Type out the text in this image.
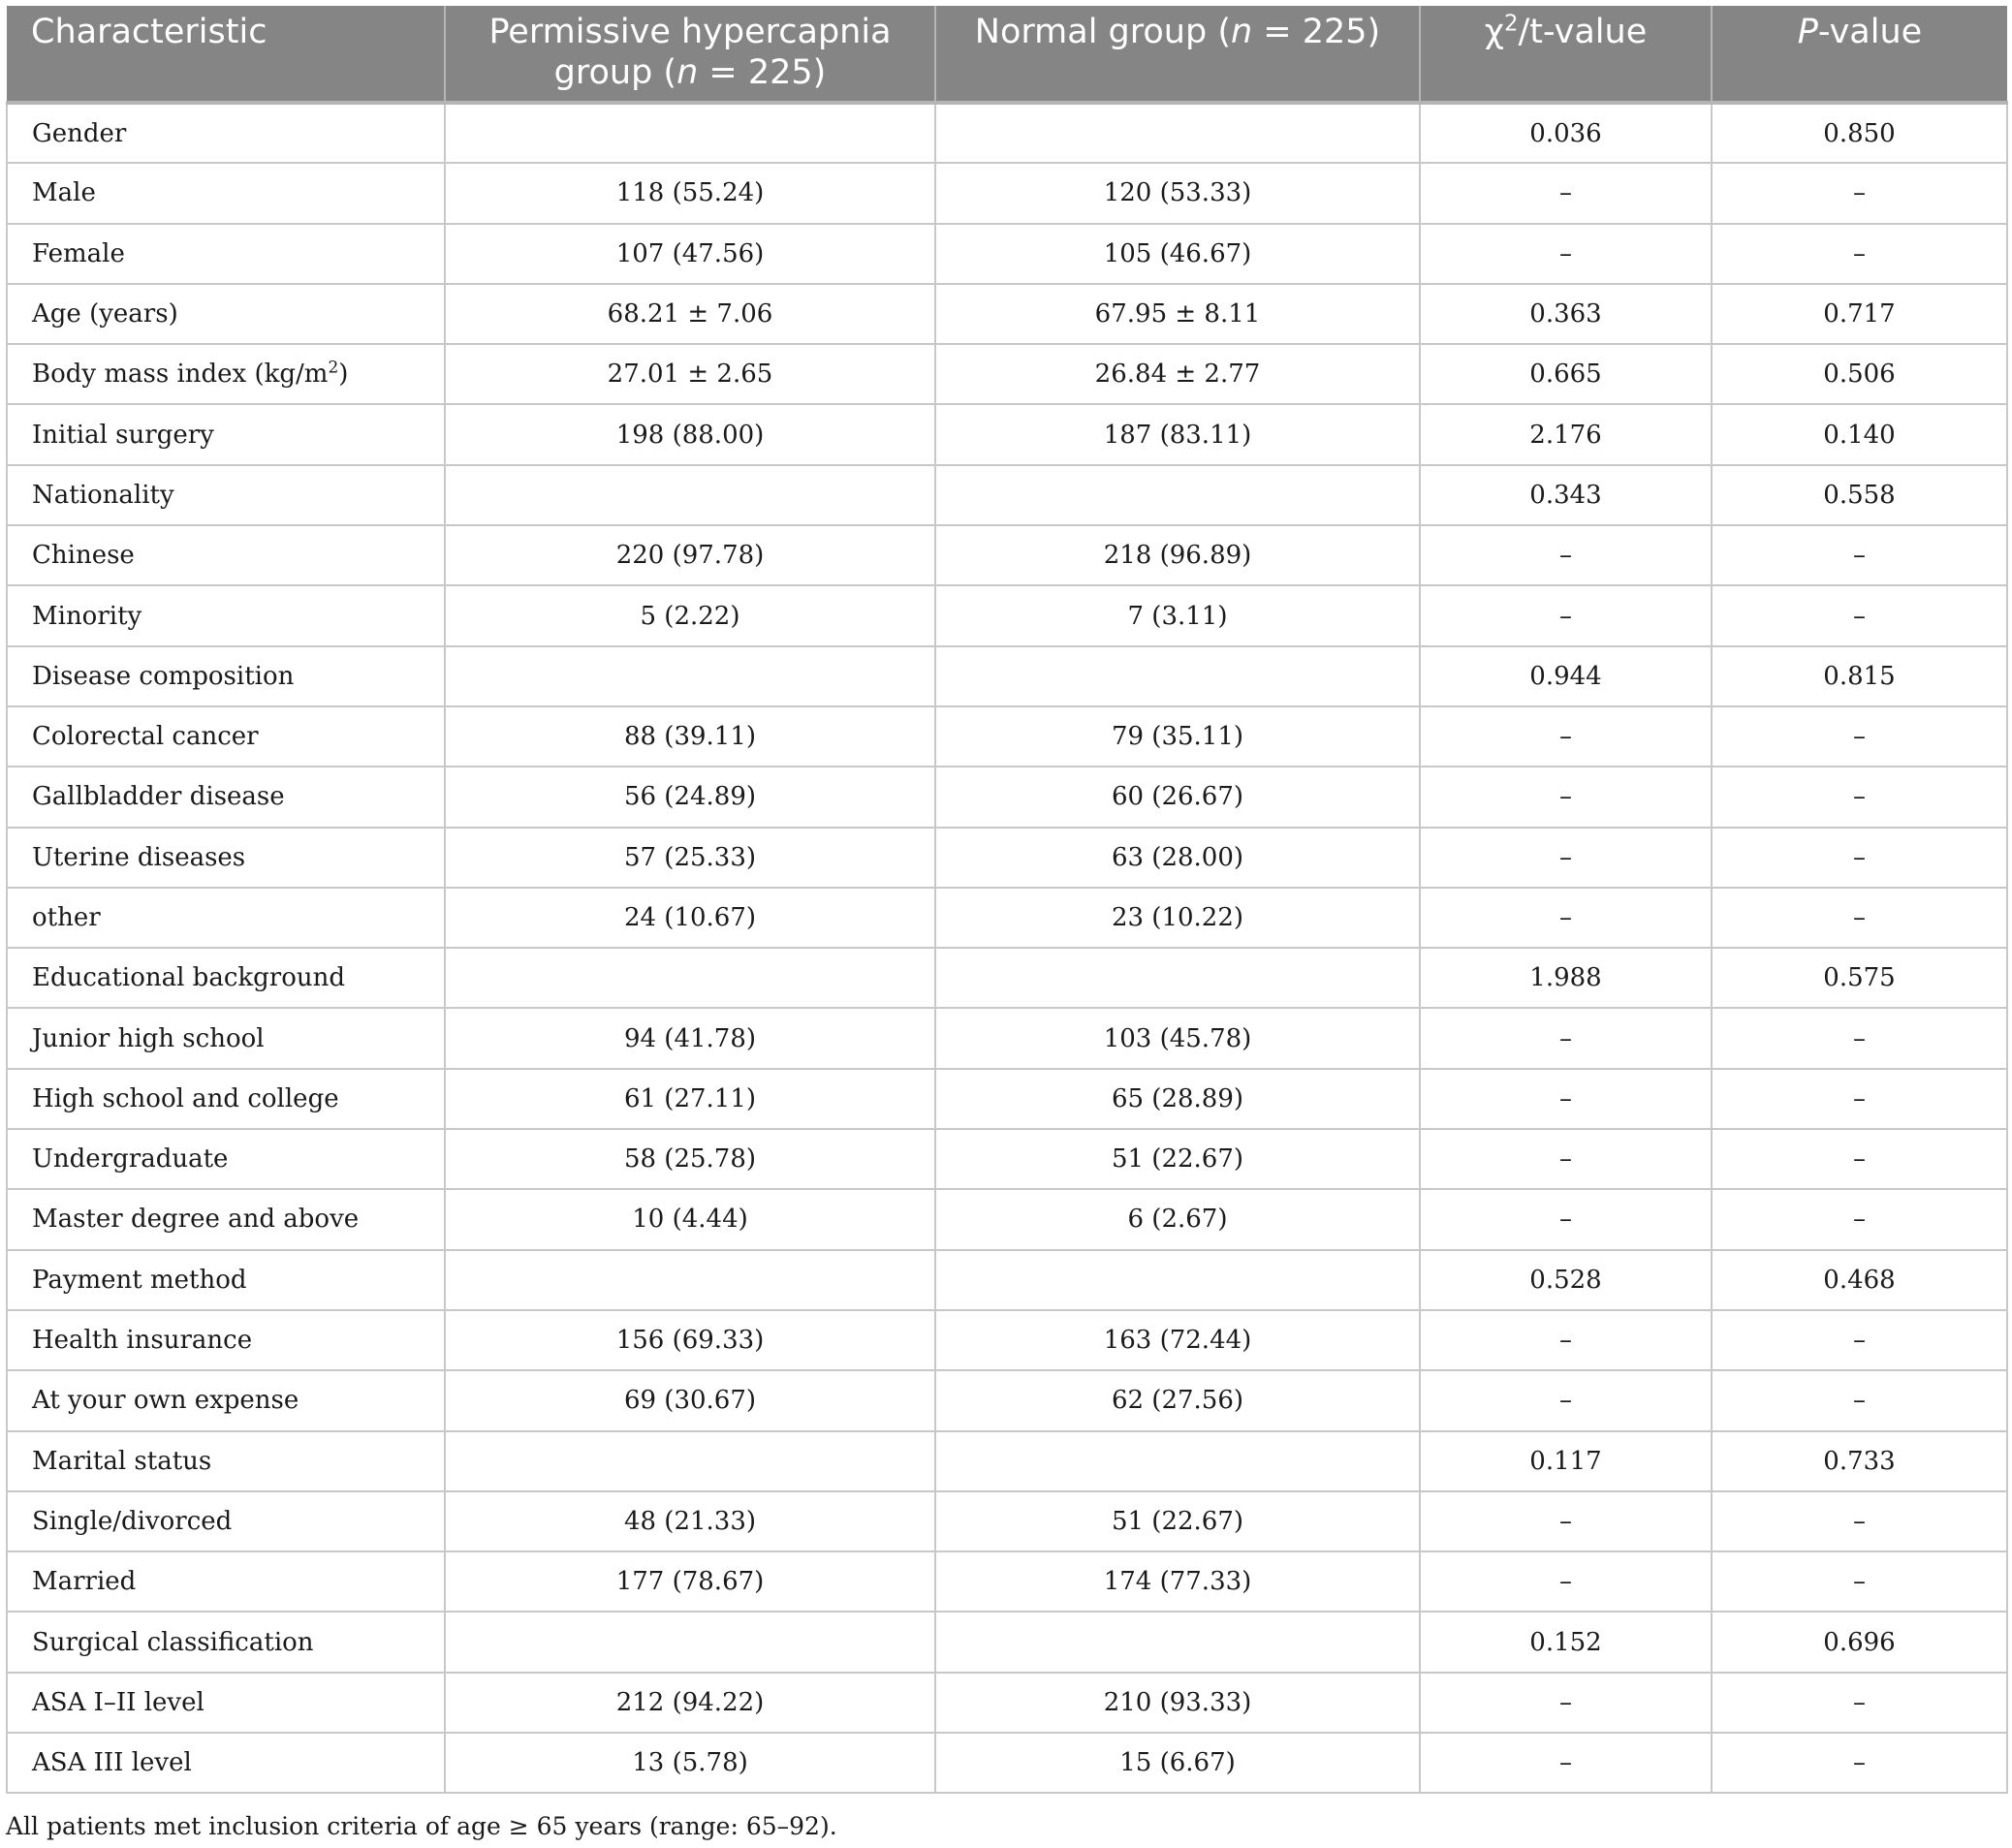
Characteristic	Permissive hypercapnia group (n = 225)	Normal group (n = 225)	$\chi^2/t$-value	P-value
Gender			0.036	0.850
Male	118 (55.24)	120 (53.33)	–	–
Female	107 (47.56)	105 (46.67)	–	–
Age (years)	68.21 ± 7.06	67.95 ± 8.11	0.363	0.717
Body mass index $(kg/m^2)$	27.01 ± 2.65	26.84 ± 2.77	0.665	0.506
Initial surgery	198 (88.00)	187 (83.11)	2.176	0.140
Nationality			0.343	0.558
Chinese	220 (97.78)	218 (96.89)	–	–
Minority	5 (2.22)	7 (3.11)	–	–
Disease composition			0.944	0.815
Colorectal cancer	88 (39.11)	79 (35.11)	–	–
Gallbladder disease	56 (24.89)	60 (26.67)	–	–
Uterine diseases	57 (25.33)	63 (28.00)	–	–
other	24 (10.67)	23 (10.22)	–	–
Educational background			1.988	0.575
Junior high school	94 (41.78)	103 (45.78)	–	–
High school and college	61 (27.11)	65 (28.89)	–	–
Undergraduate	58 (25.78)	51 (22.67)	–	–
Master degree and above	10 (4.44)	6 (2.67)	–	–
Payment method			0.528	0.468
Health insurance	156 (69.33)	163 (72.44)	–	–
At your own expense	69 (30.67)	62 (27.56)	–	–
Marital status			0.117	0.733
Single/divorced	48 (21.33)	51 (22.67)	–	–
Married	177 (78.67)	174 (77.33)	–	–
Surgical classification			0.152	0.696
ASA I–II level	212 (94.22)	210 (93.33)	–	–
ASA III level	13 (5.78)	15 (6.67)	–	–
All patients met inclusion criteria of age ≥ 65 years (range: 65–92).
